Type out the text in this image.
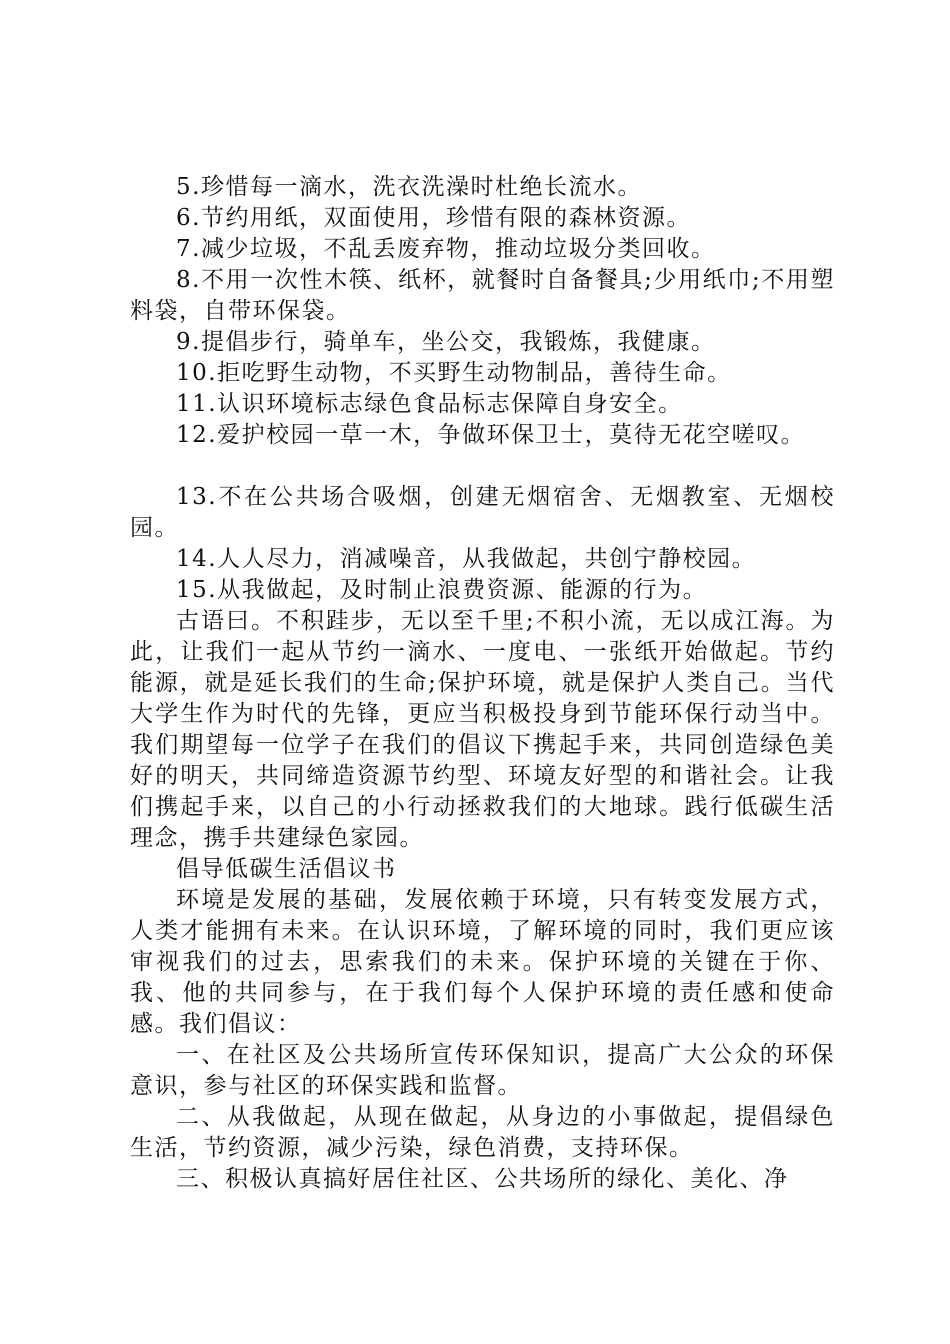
5.珍惜每一滴水，洗衣洗澡时杜绝长流水。

6.节约用纸，双面使用，珍惜有限的森林资源。

7.减少垃圾，不乱丢废弃物，推动垃圾分类回收。

8.不用一次性木筷、纸杯，就餐时自备餐具;少用纸巾;不用塑料袋，自带环保袋。

9.提倡步行，骑单车，坐公交，我锻炼，我健康。

10.拒吃野生动物，不买野生动物制品，善待生命。

11.认识环境标志绿色食品标志保障自身安全。

12.爱护校园一草一木，争做环保卫士，莫待无花空嗟叹。

13.不在公共场合吸烟，创建无烟宿舍、无烟教室、无烟校园。

14.人人尽力，消减噪音，从我做起，共创宁静校园。

15.从我做起，及时制止浪费资源、能源的行为。

古语曰。不积跬步，无以至千里;不积小流，无以成江海。为此，让我们一起从节约一滴水、一度电、一张纸开始做起。节约能源，就是延长我们的生命;保护环境，就是保护人类自己。当代大学生作为时代的先锋，更应当积极投身到节能环保行动当中。我们期望每一位学子在我们的倡议下携起手来，共同创造绿色美好的明天，共同缔造资源节约型、环境友好型的和谐社会。让我们携起手来，以自己的小行动拯救我们的大地球。践行低碳生活理念，携手共建绿色家园。

倡导低碳生活倡议书

环境是发展的基础，发展依赖于环境，只有转变发展方式，人类才能拥有未来。在认识环境，了解环境的同时，我们更应该审视我们的过去，思索我们的未来。保护环境的关键在于你、我、他的共同参与，在于我们每个人保护环境的责任感和使命感。我们倡议：

一、在社区及公共场所宣传环保知识，提高广大公众的环保意识，参与社区的环保实践和监督。

二、从我做起，从现在做起，从身边的小事做起，提倡绿色生活，节约资源，减少污染，绿色消费，支持环保。

三、积极认真搞好居住社区、公共场所的绿化、美化、净
